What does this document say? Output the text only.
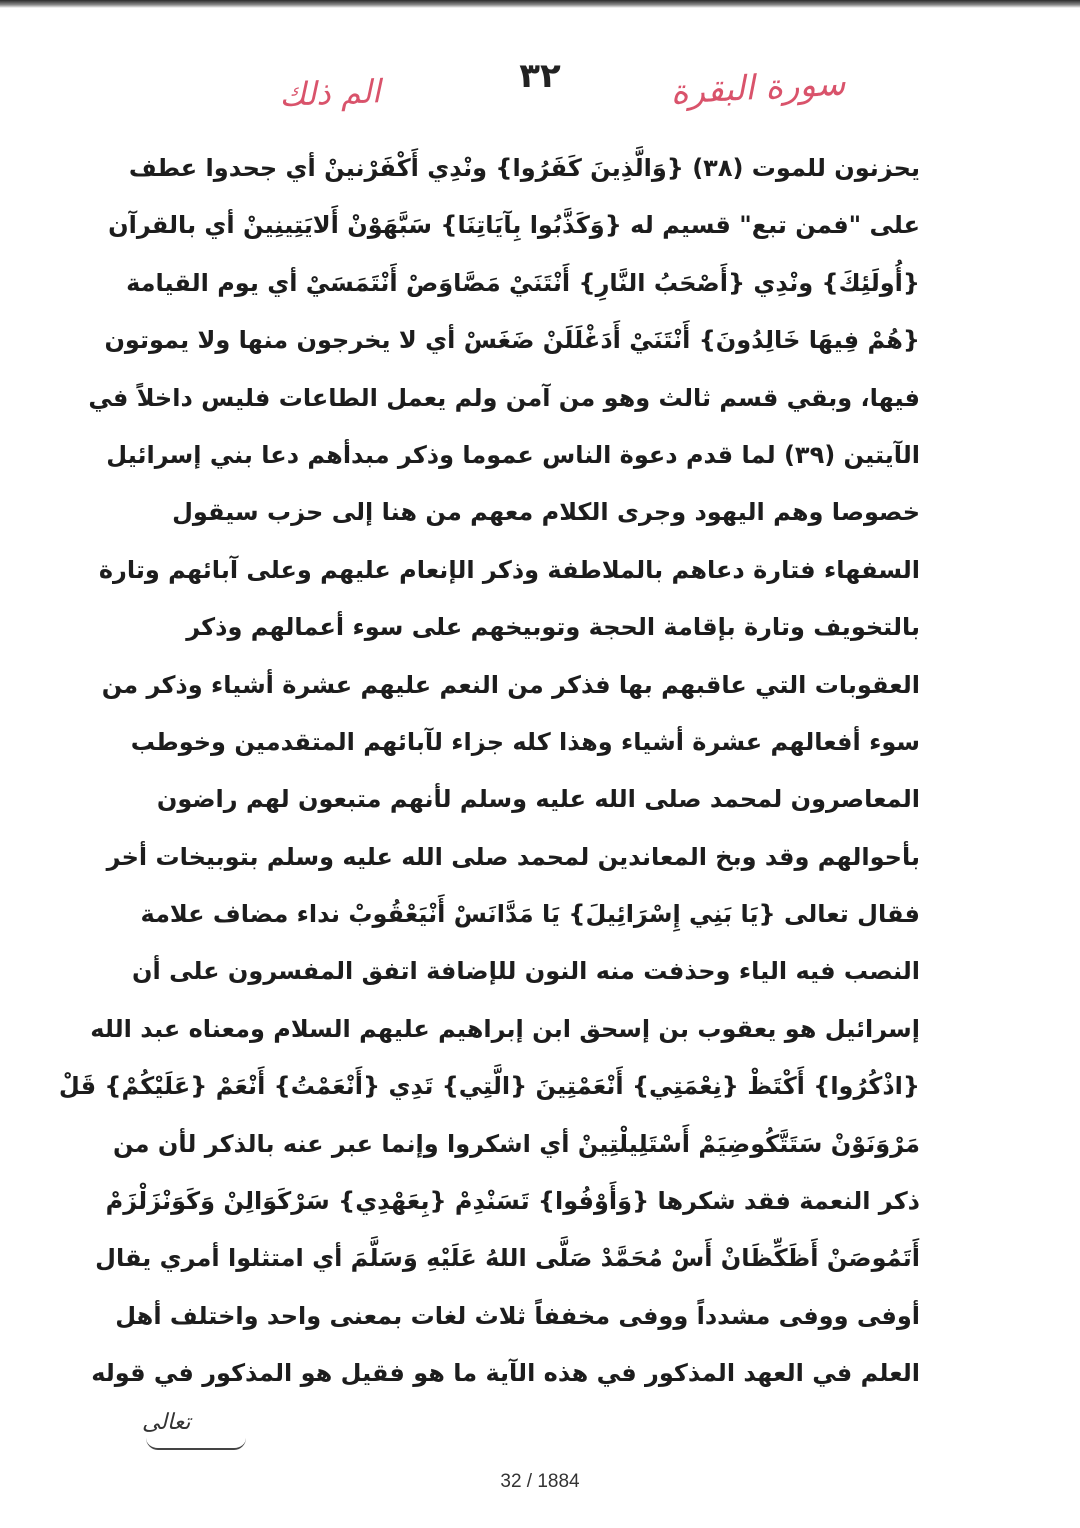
سورة البقرة
٣٢
الم ذلك
يحزنون للموت (٣٨) {وَالَّذِينَ كَفَرُوا} ونْدِي أَكْفَرْنينْ أي جحدوا عطف
على "فمن تبع" قسيم له {وَكَذَّبُوا بِآيَاتِنَا} سَبَّهَوْنْ أَلايَتِينِينْ أي بالقرآن
{أُولَئِكَ} ونْدِي {أَصْحَبُ النَّارِ} أَنْتَنَيْ مَصَّاوَصْ أَنْتَمَسَيْ أي يوم القيامة
{هُمْ فِيهَا خَالِدُونَ} أَنْتَنَيْ أَدَغْلَلَنْ ضَغَسْ أي لا يخرجون منها ولا يموتون
فيها، وبقي قسم ثالث وهو من آمن ولم يعمل الطاعات فليس داخلاً في
الآيتين (٣٩) لما قدم دعوة الناس عموما وذكر مبدأهم دعا بني إسرائيل
خصوصا وهم اليهود وجرى الكلام معهم من هنا إلى حزب سيقول
السفهاء فتارة دعاهم بالملاطفة وذكر الإنعام عليهم وعلى آبائهم وتارة
بالتخويف وتارة بإقامة الحجة وتوبيخهم على سوء أعمالهم وذكر
العقوبات التي عاقبهم بها فذكر من النعم عليهم عشرة أشياء وذكر من
سوء أفعالهم عشرة أشياء وهذا كله جزاء لآبائهم المتقدمين وخوطب
المعاصرون لمحمد صلى الله عليه وسلم لأنهم متبعون لهم راضون
بأحوالهم وقد وبخ المعاندين لمحمد صلى الله عليه وسلم بتوبيخات أخر
فقال تعالى {يَا بَنِي إِسْرَائِيلَ} يَا مَدَّانَسْ أَنْيَعْقُوبْ نداء مضاف علامة
النصب فيه الياء وحذفت منه النون للإضافة اتفق المفسرون على أن
إسرائيل هو يعقوب بن إسحق ابن إبراهيم عليهم السلام ومعناه عبد الله
{اذْكُرُوا} أَكْتَظْ {نِعْمَتِي} أَنْعَمْتِينَ {الَّتِي} تَدِي {أَنْعَمْتُ} أَنْعَمْ {عَلَيْكُمْ} قَلْ
مَرْوَنَوْنْ سَتَتَّكُوضِيَمْ أَسْتَلِيلْتِينْ أي اشكروا وإنما عبر عنه بالذكر لأن من
ذكر النعمة فقد شكرها {وَأَوْفُوا} تَسَنْدِمْ {بِعَهْدِي} سَرْكَوَالِنْ وَكَوَنْزَلْزَمْ
أَتَمُوصَنْ أَظَكِّظَانْ أَسْ مُحَمَّدْ صَلَّى اللهُ عَلَيْهِ وَسَلَّمَ أي امتثلوا أمري يقال
أوفى ووفى مشدداً ووفى مخففاً ثلاث لغات بمعنى واحد واختلف أهل
العلم في العهد المذكور في هذه الآية ما هو فقيل هو المذكور في قوله
تعالى
32 / 1884
